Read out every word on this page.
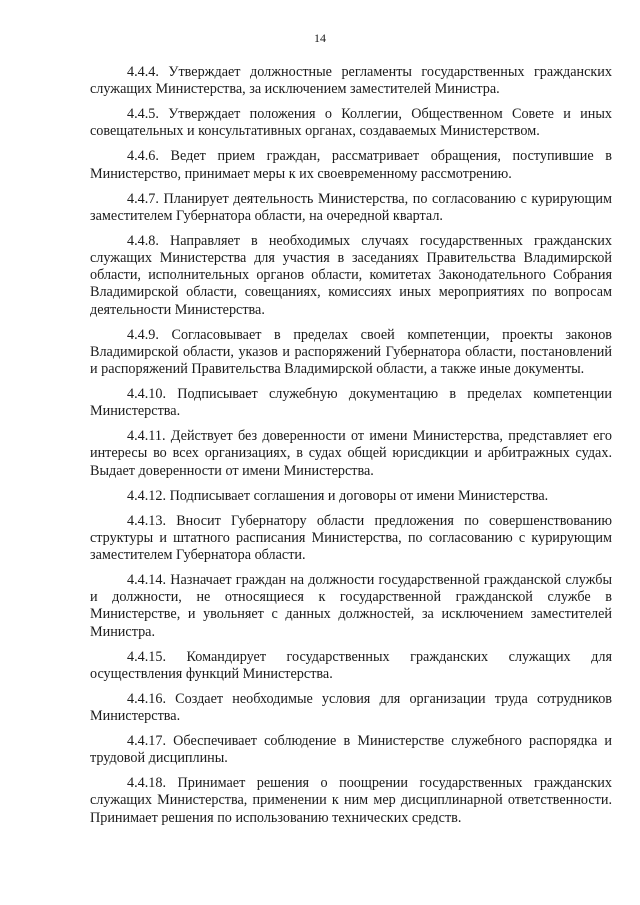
14

4.4.4. Утверждает должностные регламенты государственных гражданских служащих Министерства, за исключением заместителей Министра.

4.4.5. Утверждает положения о Коллегии, Общественном Совете и иных совещательных и консультативных органах, создаваемых Министерством.

4.4.6. Ведет прием граждан, рассматривает обращения, поступившие в Министерство, принимает меры к их своевременному рассмотрению.

4.4.7. Планирует деятельность Министерства, по согласованию с курирующим заместителем Губернатора области, на очередной квартал.

4.4.8. Направляет в необходимых случаях государственных гражданских служащих Министерства для участия в заседаниях Правительства Владимирской области, исполнительных органов области, комитетах Законодательного Собрания Владимирской области, совещаниях, комиссиях иных мероприятиях по вопросам деятельности Министерства.

4.4.9. Согласовывает в пределах своей компетенции, проекты законов Владимирской области, указов и распоряжений Губернатора области, постановлений и распоряжений Правительства Владимирской области, а также иные документы.

4.4.10. Подписывает служебную документацию в пределах компетенции Министерства.

4.4.11. Действует без доверенности от имени Министерства, представляет его интересы во всех организациях, в судах общей юрисдикции и арбитражных судах. Выдает доверенности от имени Министерства.

4.4.12. Подписывает соглашения и договоры от имени Министерства.

4.4.13. Вносит Губернатору области предложения по совершенствованию структуры и штатного расписания Министерства, по согласованию с курирующим заместителем Губернатора области.

4.4.14. Назначает граждан на должности государственной гражданской службы и должности, не относящиеся к государственной гражданской службе в Министерстве, и увольняет с данных должностей, за исключением заместителей Министра.

4.4.15. Командирует государственных гражданских служащих для осуществления функций Министерства.

4.4.16. Создает необходимые условия для организации труда сотрудников Министерства.

4.4.17. Обеспечивает соблюдение в Министерстве служебного распорядка и трудовой дисциплины.

4.4.18. Принимает решения о поощрении государственных гражданских служащих Министерства, применении к ним мер дисциплинарной ответственности. Принимает решения по использованию технических средств.
